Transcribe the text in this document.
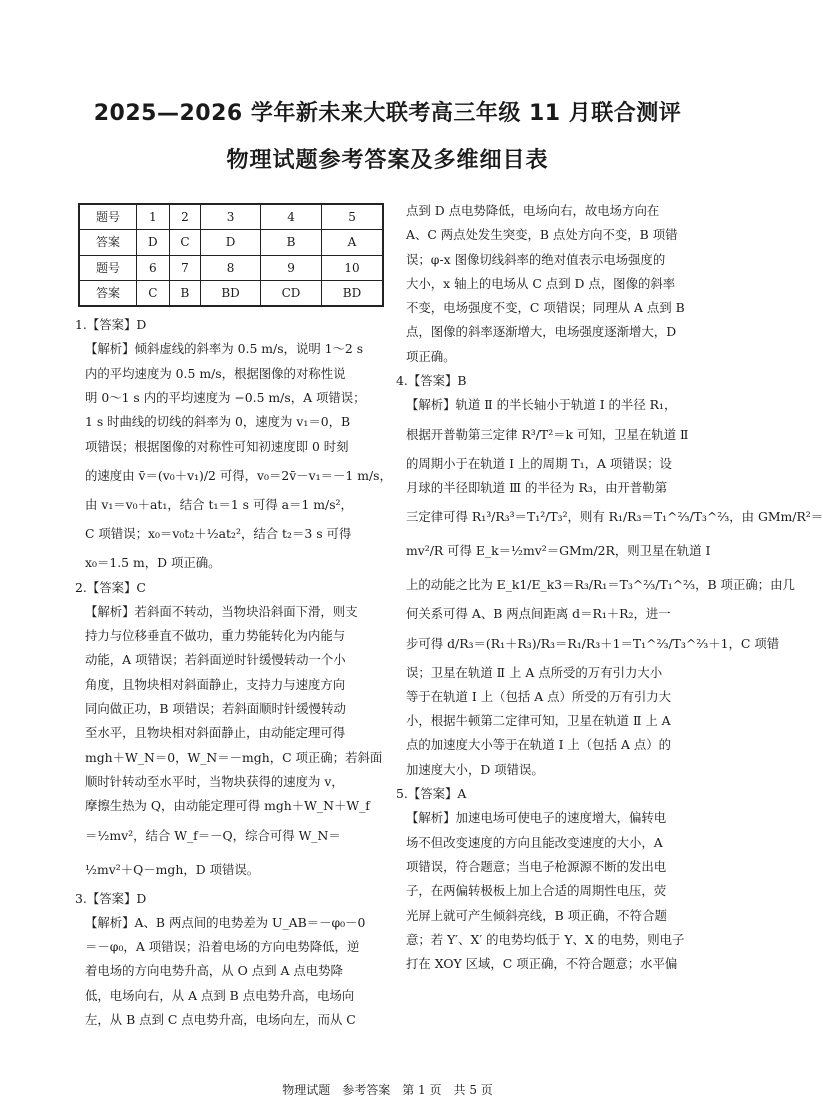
2025—2026 学年新未来大联考高三年级 11 月联合测评
物理试题参考答案及多维细目表
题号	1	2	3	4	5
答案	D	C	D	B	A
题号	6	7	8	9	10
答案	C	B	BD	CD	BD

1.【答案】D

【解析】倾斜虚线的斜率为 0.5 m/s，说明 1～2 s

内的平均速度为 0.5 m/s，根据图像的对称性说

明 0～1 s 内的平均速度为 −0.5 m/s，A 项错误；

1 s 时曲线的切线的斜率为 0，速度为 v₁＝0，B

项错误；根据图像的对称性可知初速度即 0 时刻

的速度由 v̄＝(v₀＋v₁)/2 可得，v₀＝2v̄－v₁＝－1 m/s，

由 v₁＝v₀＋at₁，结合 t₁＝1 s 可得 a＝1 m/s²，

C 项错误；x₀＝v₀t₂＋½at₂²，结合 t₂＝3 s 可得

x₀＝1.5 m，D 项正确。

2.【答案】C

【解析】若斜面不转动，当物块沿斜面下滑，则支

持力与位移垂直不做功，重力势能转化为内能与

动能，A 项错误；若斜面逆时针缓慢转动一个小

角度，且物块相对斜面静止，支持力与速度方向

同向做正功，B 项错误；若斜面顺时针缓慢转动

至水平，且物块相对斜面静止，由动能定理可得

mgh＋W_N＝0，W_N＝－mgh，C 项正确；若斜面

顺时针转动至水平时，当物块获得的速度为 v，

摩擦生热为 Q，由动能定理可得 mgh＋W_N＋W_f

＝½mv²，结合 W_f＝－Q，综合可得 W_N＝

½mv²＋Q－mgh，D 项错误。

3.【答案】D

【解析】A、B 两点间的电势差为 U_AB＝－φ₀－0

＝－φ₀，A 项错误；沿着电场的方向电势降低，逆

着电场的方向电势升高，从 O 点到 A 点电势降

低，电场向右，从 A 点到 B 点电势升高，电场向

左，从 B 点到 C 点电势升高，电场向左，而从 C

点到 D 点电势降低，电场向右，故电场方向在

A、C 两点处发生突变，B 点处方向不变，B 项错

误；φ-x 图像切线斜率的绝对值表示电场强度的

大小，x 轴上的电场从 C 点到 D 点，图像的斜率

不变，电场强度不变，C 项错误；同理从 A 点到 B

点，图像的斜率逐渐增大，电场强度逐渐增大，D

项正确。

4.【答案】B

【解析】轨道 Ⅱ 的半长轴小于轨道 Ⅰ 的半径 R₁，

根据开普勒第三定律 R³/T²＝k 可知，卫星在轨道 Ⅱ

的周期小于在轨道 Ⅰ 上的周期 T₁，A 项错误；设

月球的半径即轨道 Ⅲ 的半径为 R₃，由开普勒第

三定律可得 R₁³/R₃³＝T₁²/T₃²，则有 R₁/R₃＝T₁^⅔/T₃^⅔，由 GMm/R²＝

mv²/R 可得 E_k＝½mv²＝GMm/2R，则卫星在轨道 Ⅰ

上的动能之比为 E_k1/E_k3＝R₃/R₁＝T₃^⅔/T₁^⅔，B 项正确；由几

何关系可得 A、B 两点间距离 d＝R₁＋R₂，进一

步可得 d/R₃＝(R₁＋R₃)/R₃＝R₁/R₃＋1＝T₁^⅔/T₃^⅔＋1，C 项错

误；卫星在轨道 Ⅱ 上 A 点所受的万有引力大小

等于在轨道 Ⅰ 上（包括 A 点）所受的万有引力大

小，根据牛顿第二定律可知，卫星在轨道 Ⅱ 上 A

点的加速度大小等于在轨道 Ⅰ 上（包括 A 点）的

加速度大小，D 项错误。

5.【答案】A

【解析】加速电场可使电子的速度增大，偏转电

场不但改变速度的方向且能改变速度的大小，A

项错误，符合题意；当电子枪源源不断的发出电

子，在两偏转极板上加上合适的周期性电压，荧

光屏上就可产生倾斜亮线，B 项正确，不符合题

意；若 Y′、X′ 的电势均低于 Y、X 的电势，则电子

打在 XOY 区域，C 项正确，不符合题意；水平偏

物理试题　参考答案　第 1 页　共 5 页
